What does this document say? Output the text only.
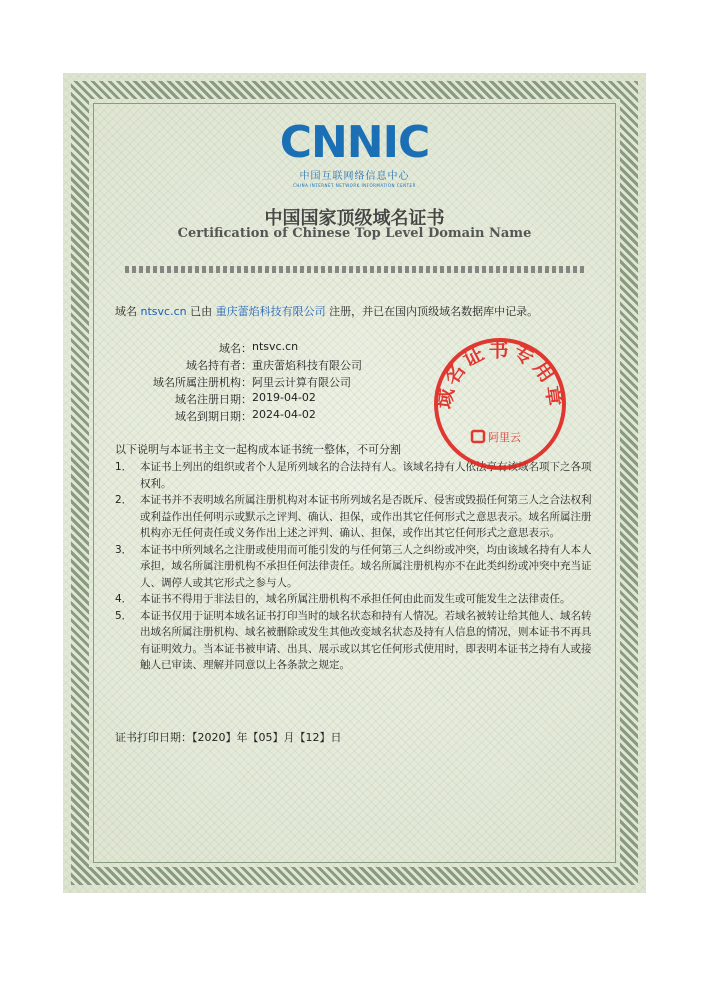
CNNIC
中国互联网络信息中心
CHINA INTERNET NETWORK INFORMATION CENTER
中国国家顶级域名证书
Certification of Chinese Top Level Domain Name
域名 ntsvc.cn 已由 重庆蕾焰科技有限公司 注册，并已在国内顶级域名数据库中记录。
域名： ntsvc.cn
域名持有者： 重庆蕾焰科技有限公司
域名所属注册机构： 阿里云计算有限公司
域名注册日期： 2019-04-02
域名到期日期： 2024-04-02
以下说明与本证书主文一起构成本证书统一整体，不可分割
1． 本证书上列出的组织或者个人是所列域名的合法持有人。该域名持有人依法享有该域名项下之各项权利。
2． 本证书并不表明域名所属注册机构对本证书所列域名是否既斥、侵害或毁损任何第三人之合法权利或利益作出任何明示或默示之评判、确认、担保，或作出其它任何形式之意思表示。域名所属注册机构亦无任何责任或义务作出上述之评判、确认、担保，或作出其它任何形式之意思表示。
3． 本证书中所列域名之注册或使用而可能引发的与任何第三人之纠纷或冲突，均由该域名持有人本人承担，域名所属注册机构不承担任何法律责任。域名所属注册机构亦不在此类纠纷或冲突中充当证人、调停人或其它形式之参与人。
4． 本证书不得用于非法目的，域名所属注册机构不承担任何由此而发生或可能发生之法律责任。
5． 本证书仅用于证明本域名证书打印当时的域名状态和持有人情况。若域名被转让给其他人、域名转出域名所属注册机构、域名被删除或发生其他改变域名状态及持有人信息的情况，则本证书不再具有证明效力。当本证书被申请、出具、展示或以其它任何形式使用时，即表明本证书之持有人或接触人已审读、理解并同意以上各条款之规定。
证书打印日期：【2020】年【05】月【12】日
域名证书专用章
阿里云
